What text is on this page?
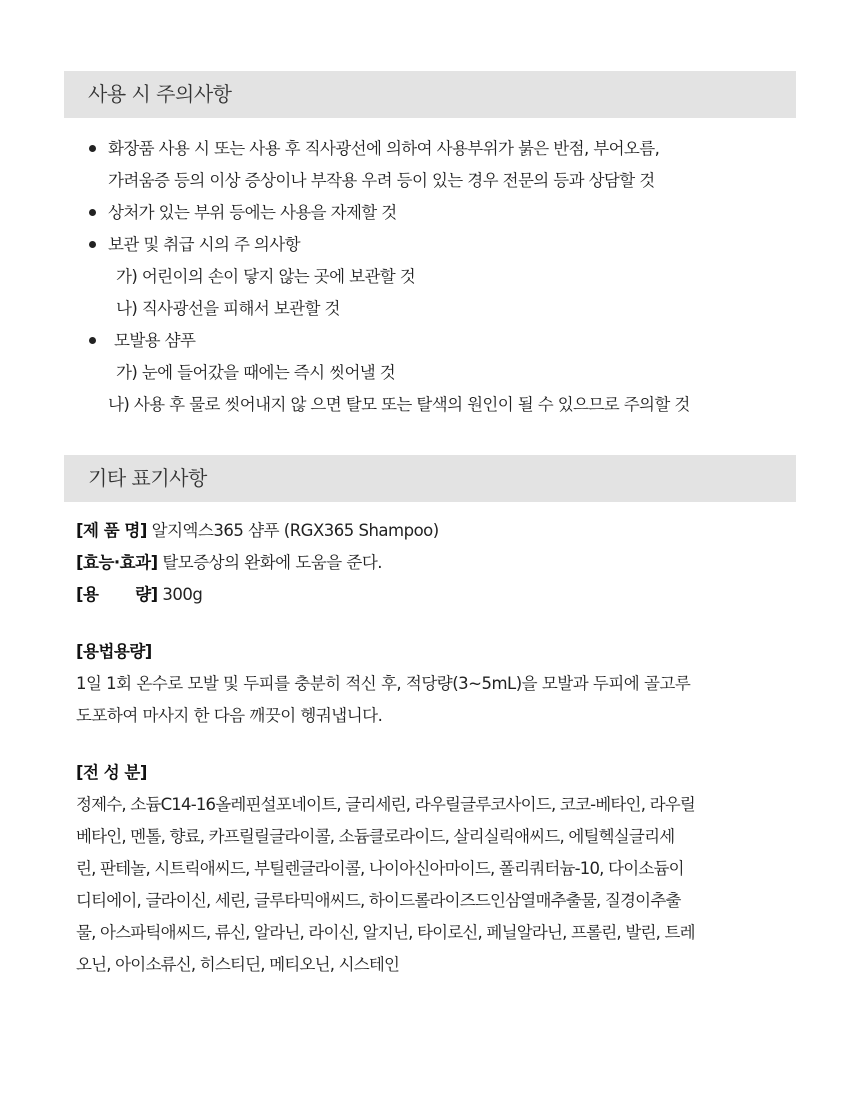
사용 시 주의사항
화장품 사용 시 또는 사용 후 직사광선에 의하여 사용부위가 붉은 반점, 부어오름,
가려움증 등의 이상 증상이나 부작용 우려 등이 있는 경우 전문의 등과 상담할 것
상처가 있는 부위 등에는 사용을 자제할 것
보관 및 취급 시의 주 의사항
가) 어린이의 손이 닿지 않는 곳에 보관할 것
나) 직사광선을 피해서 보관할 것
모발용 샴푸
가) 눈에 들어갔을 때에는 즉시 씻어낼 것
나) 사용 후 물로 씻어내지 않 으면 탈모 또는 탈색의 원인이 될 수 있으므로 주의할 것
기타 표기사항
[제 품 명] 알지엑스365 샴푸 (RGX365 Shampoo)
[효능·효과] 탈모증상의 완화에 도움을 준다.
[용       량] 300g
[용법용량]
1일 1회 온수로 모발 및 두피를 충분히 적신 후, 적당량(3~5mL)을 모발과 두피에 골고루
도포하여 마사지 한 다음 깨끗이 헹궈냅니다.
[전 성 분]
정제수, 소듐C14-16올레핀설포네이트, 글리세린, 라우릴글루코사이드, 코코-베타인, 라우릴
베타인, 멘톨, 향료, 카프릴릴글라이콜, 소듐클로라이드, 살리실릭애씨드, 에틸헥실글리세
린, 판테놀, 시트릭애씨드, 부틸렌글라이콜, 나이아신아마이드, 폴리쿼터늄-10, 다이소듐이
디티에이, 글라이신, 세린, 글루타믹애씨드, 하이드롤라이즈드인삼열매추출물, 질경이추출
물, 아스파틱애씨드, 류신, 알라닌, 라이신, 알지닌, 타이로신, 페닐알라닌, 프롤린, 발린, 트레
오닌, 아이소류신, 히스티딘, 메티오닌, 시스테인
